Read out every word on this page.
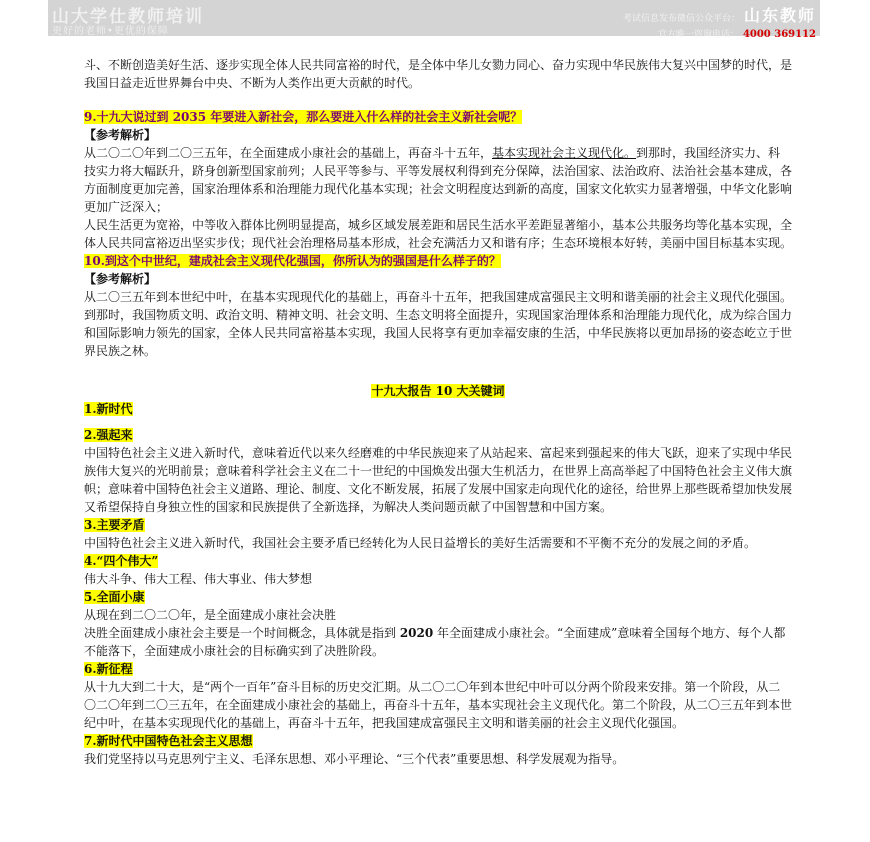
山大学仕教师培训
更好的老师•更优的保障
考试信息发布微信公众平台： 山东教师
官方唯一咨询电话： 4000 369112

斗、不断创造美好生活、逐步实现全体人民共同富裕的时代，是全体中华儿女勠力同心、奋力实现中华民族伟大复兴中国梦的时代，是我国日益走近世界舞台中央、不断为人类作出更大贡献的时代。

9.十九大说过到 2035 年要进入新社会，那么要进入什么样的社会主义新社会呢？

【参考解析】

从二〇二〇年到二〇三五年，在全面建成小康社会的基础上，再奋斗十五年，基本实现社会主义现代化。到那时，我国经济实力、科技实力将大幅跃升，跻身创新型国家前列；人民平等参与、平等发展权利得到充分保障，法治国家、法治政府、法治社会基本建成，各方面制度更加完善，国家治理体系和治理能力现代化基本实现；社会文明程度达到新的高度，国家文化软实力显著增强，中华文化影响更加广泛深入；

人民生活更为宽裕，中等收入群体比例明显提高，城乡区域发展差距和居民生活水平差距显著缩小，基本公共服务均等化基本实现，全体人民共同富裕迈出坚实步伐；现代社会治理格局基本形成，社会充满活力又和谐有序；生态环境根本好转，美丽中国目标基本实现。

10.到这个中世纪，建成社会主义现代化强国，你所认为的强国是什么样子的？

【参考解析】

从二〇三五年到本世纪中叶，在基本实现现代化的基础上，再奋斗十五年，把我国建成富强民主文明和谐美丽的社会主义现代化强国。

到那时，我国物质文明、政治文明、精神文明、社会文明、生态文明将全面提升，实现国家治理体系和治理能力现代化，成为综合国力和国际影响力领先的国家，全体人民共同富裕基本实现，我国人民将享有更加幸福安康的生活，中华民族将以更加昂扬的姿态屹立于世界民族之林。

十九大报告 10 大关键词

1.新时代

2.强起来

中国特色社会主义进入新时代，意味着近代以来久经磨难的中华民族迎来了从站起来、富起来到强起来的伟大飞跃，迎来了实现中华民族伟大复兴的光明前景；意味着科学社会主义在二十一世纪的中国焕发出强大生机活力，在世界上高高举起了中国特色社会主义伟大旗帜；意味着中国特色社会主义道路、理论、制度、文化不断发展，拓展了发展中国家走向现代化的途径，给世界上那些既希望加快发展又希望保持自身独立性的国家和民族提供了全新选择，为解决人类问题贡献了中国智慧和中国方案。

3.主要矛盾

中国特色社会主义进入新时代，我国社会主要矛盾已经转化为人民日益增长的美好生活需要和不平衡不充分的发展之间的矛盾。

4.“四个伟大”

伟大斗争、伟大工程、伟大事业、伟大梦想

5.全面小康

从现在到二〇二〇年，是全面建成小康社会决胜

决胜全面建成小康社会主要是一个时间概念，具体就是指到 2020 年全面建成小康社会。“全面建成”意味着全国每个地方、每个人都不能落下，全面建成小康社会的目标确实到了决胜阶段。

6.新征程

从十九大到二十大，是“两个一百年”奋斗目标的历史交汇期。从二〇二〇年到本世纪中叶可以分两个阶段来安排。第一个阶段，从二〇二〇年到二〇三五年，在全面建成小康社会的基础上，再奋斗十五年，基本实现社会主义现代化。第二个阶段，从二〇三五年到本世纪中叶，在基本实现现代化的基础上，再奋斗十五年，把我国建成富强民主文明和谐美丽的社会主义现代化强国。

7.新时代中国特色社会主义思想

我们党坚持以马克思列宁主义、毛泽东思想、邓小平理论、“三个代表”重要思想、科学发展观为指导。
